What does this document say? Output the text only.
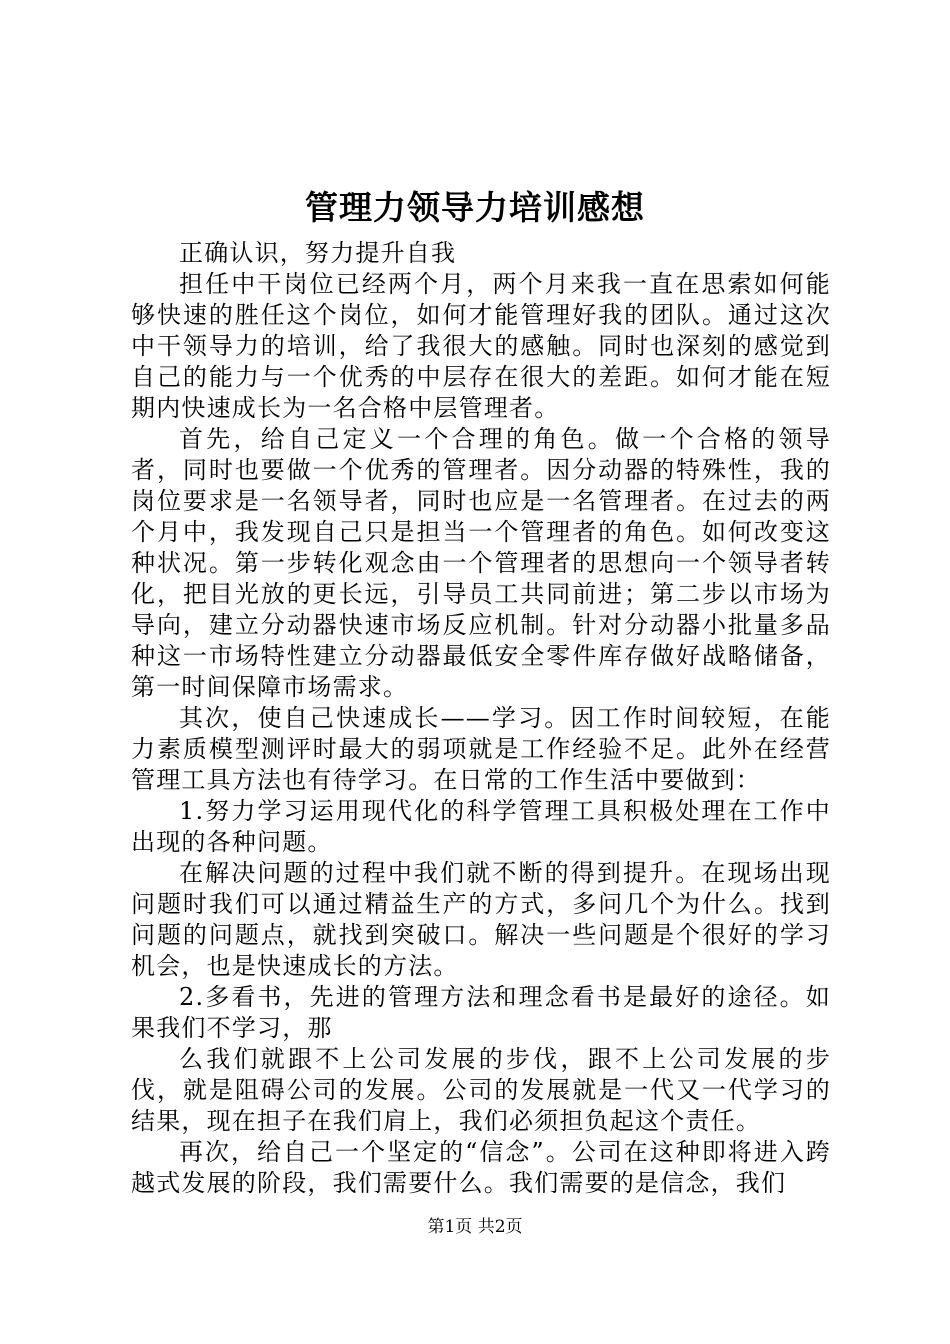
管理力领导力培训感想

正确认识，努力提升自我

担任中干岗位已经两个月，两个月来我一直在思索如何能够快速的胜任这个岗位，如何才能管理好我的团队。通过这次中干领导力的培训，给了我很大的感触。同时也深刻的感觉到自己的能力与一个优秀的中层存在很大的差距。如何才能在短期内快速成长为一名合格中层管理者。

首先，给自己定义一个合理的角色。做一个合格的领导者，同时也要做一个优秀的管理者。因分动器的特殊性，我的岗位要求是一名领导者，同时也应是一名管理者。在过去的两个月中，我发现自己只是担当一个管理者的角色。如何改变这种状况。第一步转化观念由一个管理者的思想向一个领导者转化，把目光放的更长远，引导员工共同前进；第二步以市场为导向，建立分动器快速市场反应机制。针对分动器小批量多品种这一市场特性建立分动器最低安全零件库存做好战略储备，第一时间保障市场需求。

其次，使自己快速成长——学习。因工作时间较短，在能力素质模型测评时最大的弱项就是工作经验不足。此外在经营管理工具方法也有待学习。在日常的工作生活中要做到：

1.努力学习运用现代化的科学管理工具积极处理在工作中出现的各种问题。

在解决问题的过程中我们就不断的得到提升。在现场出现问题时我们可以通过精益生产的方式，多问几个为什么。找到问题的问题点，就找到突破口。解决一些问题是个很好的学习机会，也是快速成长的方法。

2.多看书，先进的管理方法和理念看书是最好的途径。如果我们不学习，那

么我们就跟不上公司发展的步伐，跟不上公司发展的步伐，就是阻碍公司的发展。公司的发展就是一代又一代学习的结果，现在担子在我们肩上，我们必须担负起这个责任。

再次，给自己一个坚定的“信念”。公司在这种即将进入跨越式发展的阶段，我们需要什么。我们需要的是信念，我们

第1页 共2页
